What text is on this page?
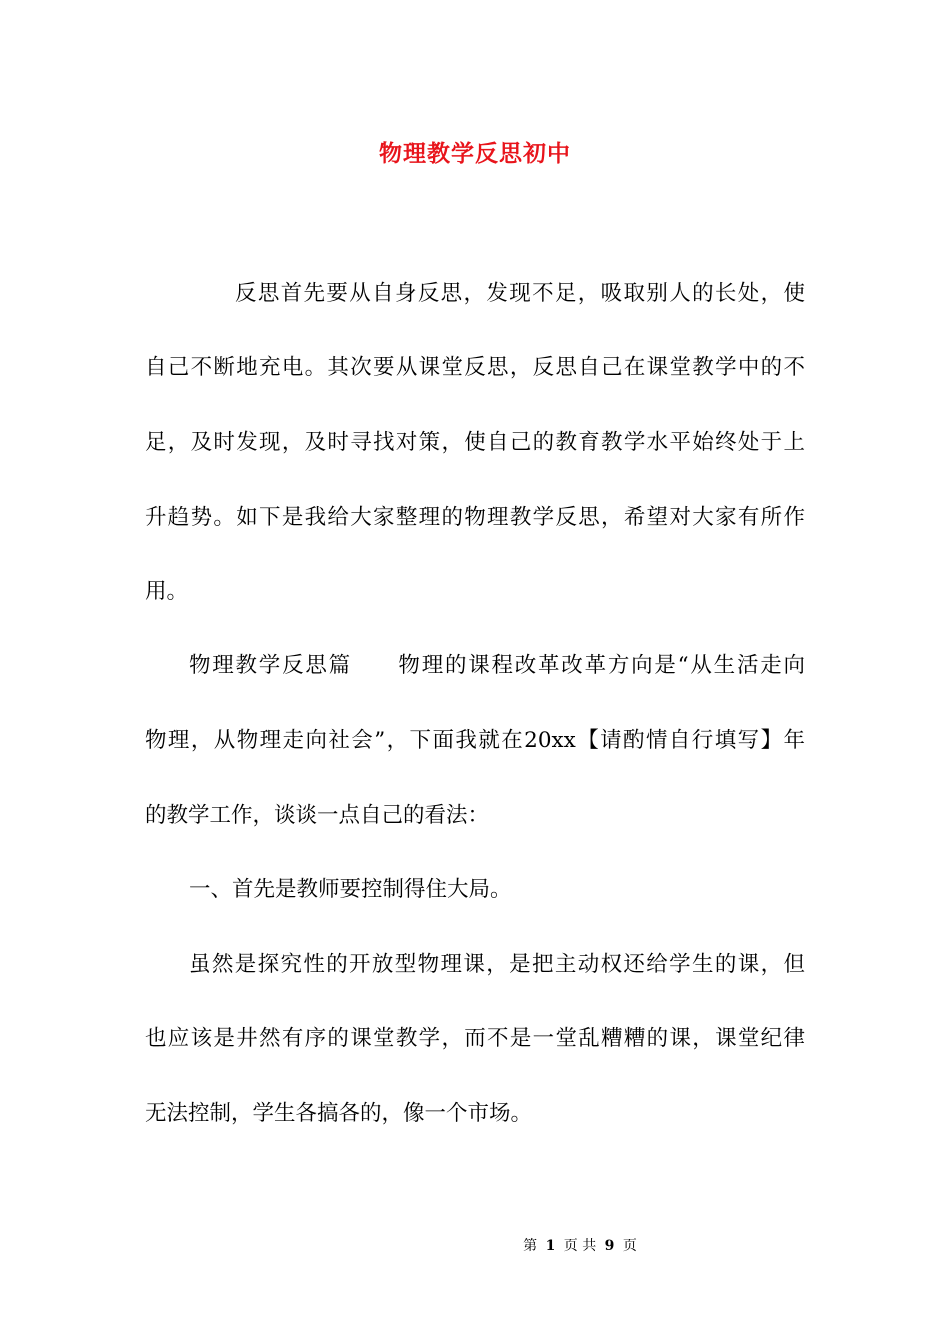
物理教学反思初中
反思首先要从自身反思，发现不足，吸取别人的长处，使
自己不断地充电。其次要从课堂反思，反思自己在课堂教学中的不
足，及时发现，及时寻找对策，使自己的教育教学水平始终处于上
升趋势。如下是我给大家整理的物理教学反思，希望对大家有所作
用。
物理教学反思篇　　物理的课程改革改革方向是“从生活走向
物理，从物理走向社会”，下面我就在20xx【请酌情自行填写】年
的教学工作，谈谈一点自己的看法：
一、首先是教师要控制得住大局。
虽然是探究性的开放型物理课，是把主动权还给学生的课，但
也应该是井然有序的课堂教学，而不是一堂乱糟糟的课，课堂纪律
无法控制，学生各搞各的，像一个市场。
第 1 页 共 9 页
